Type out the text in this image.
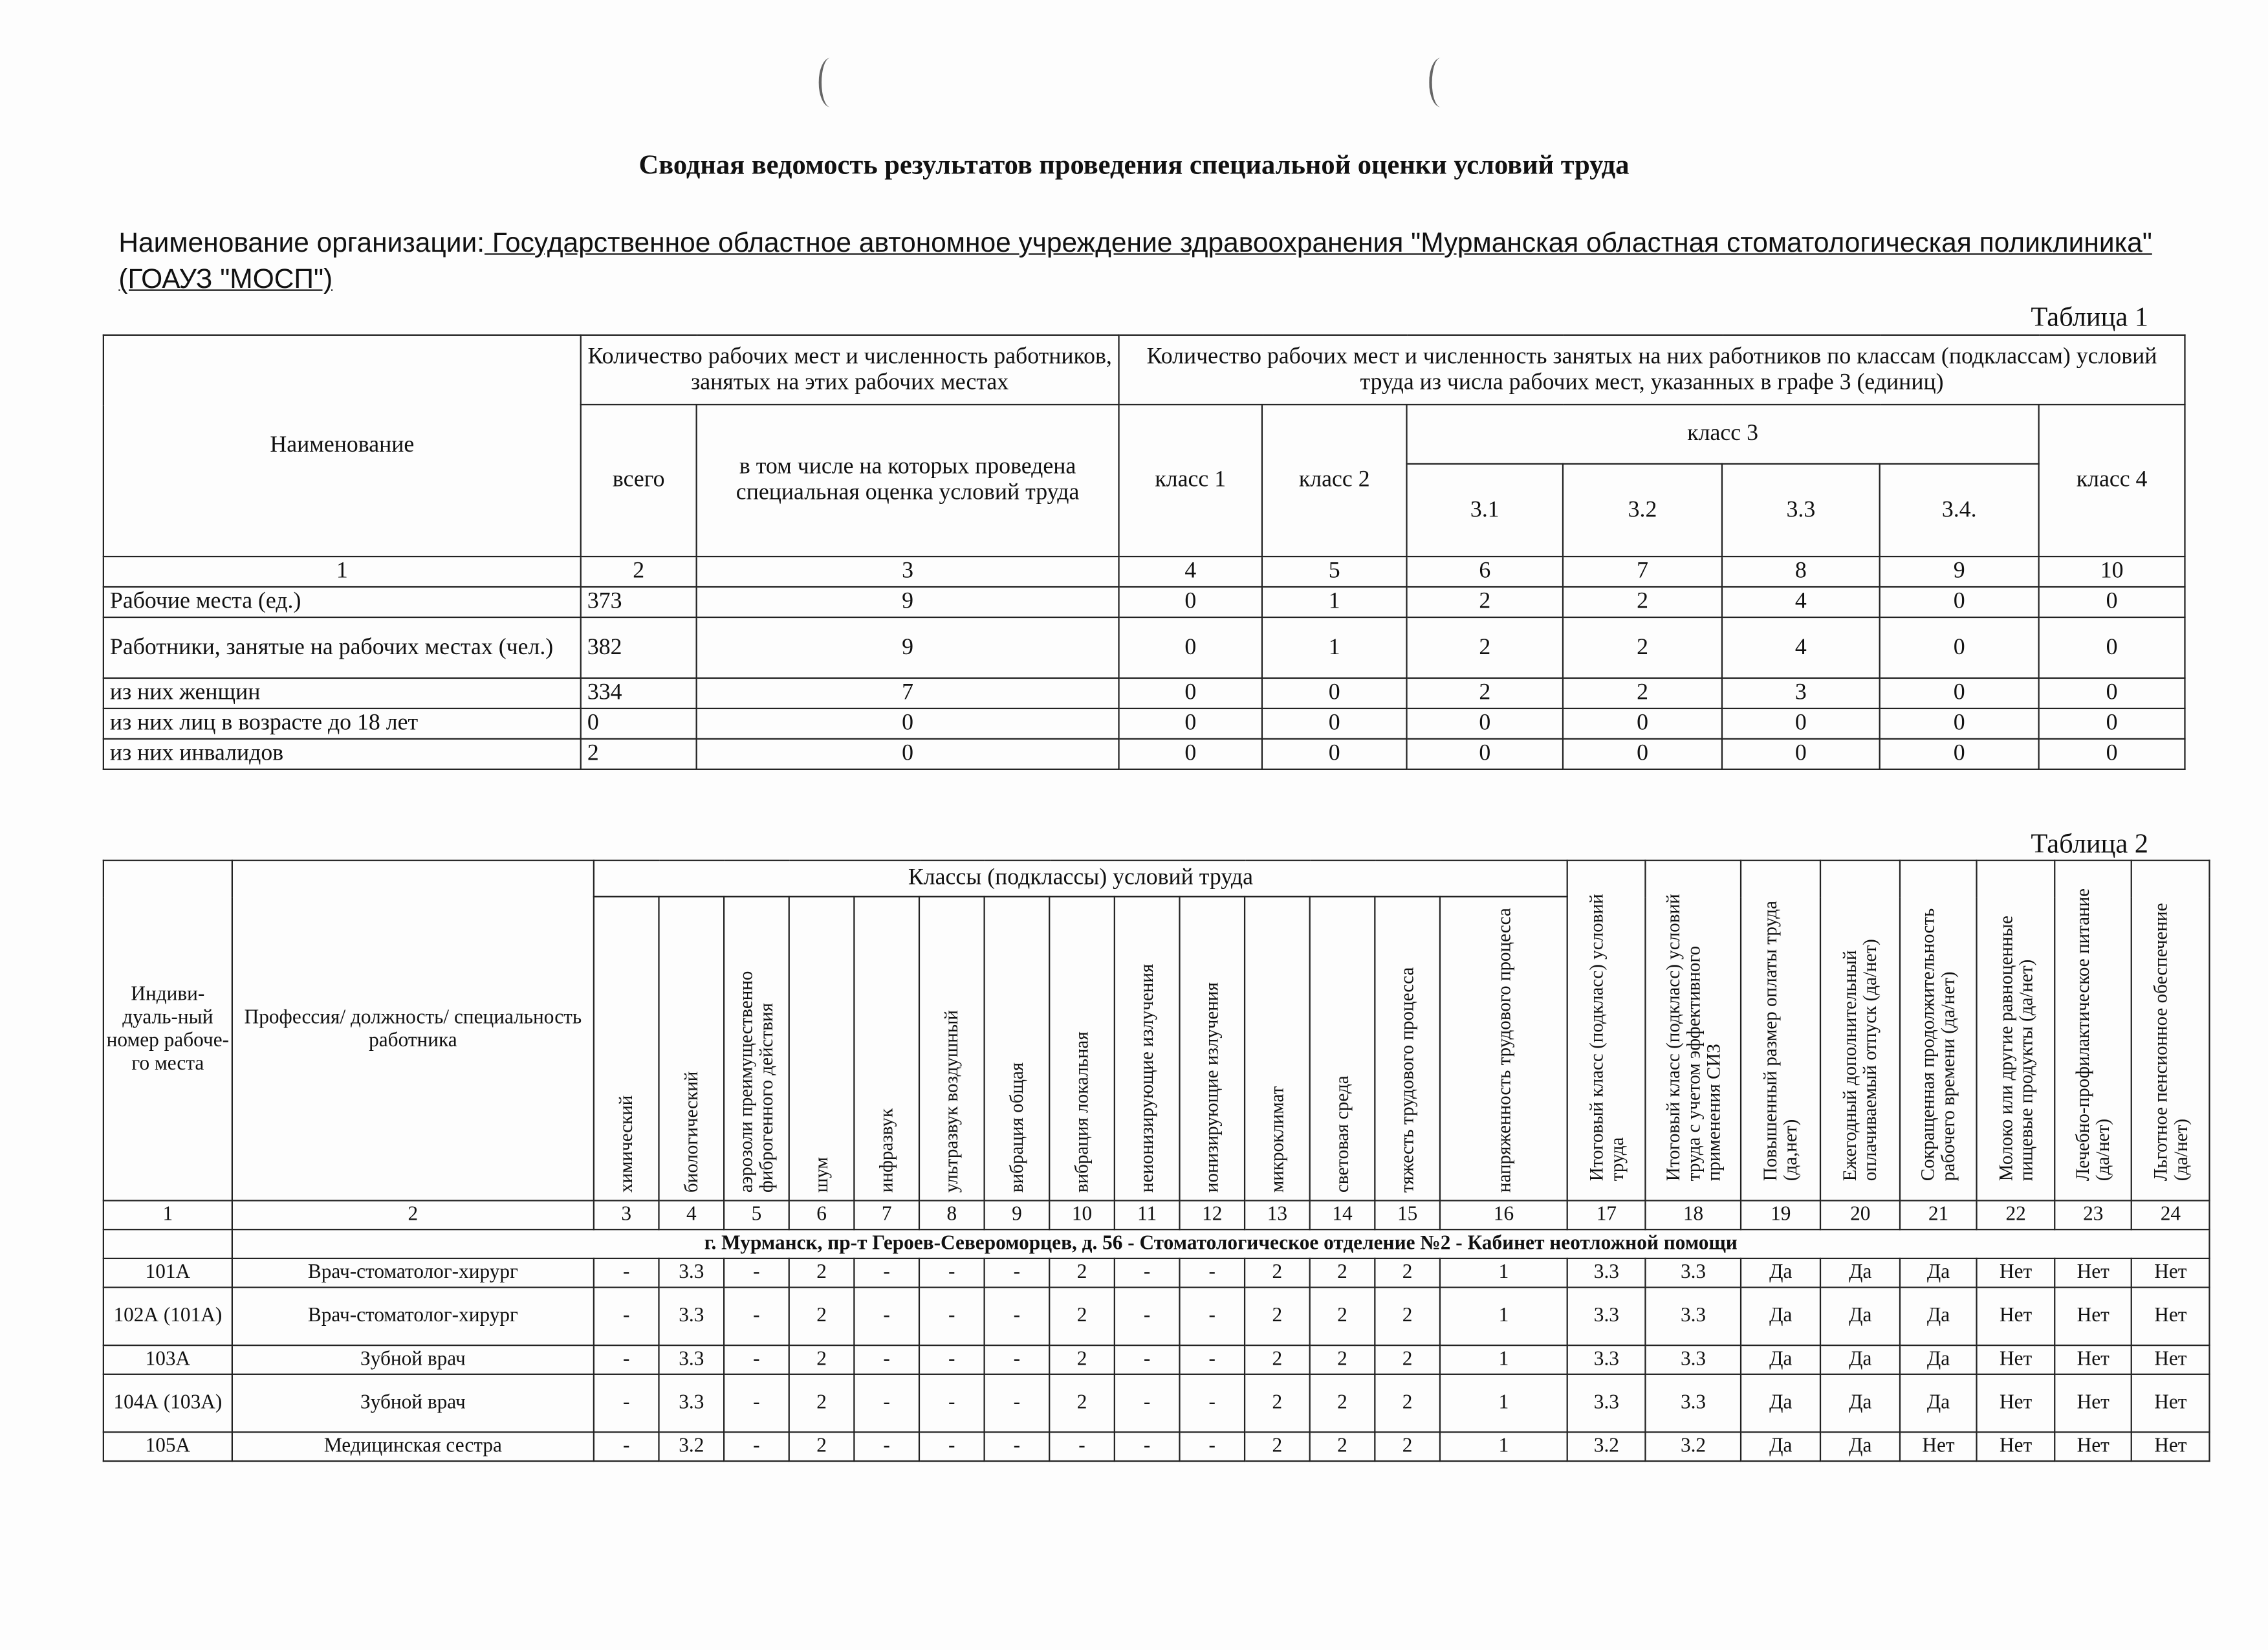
Сводная ведомость результатов проведения специальной оценки условий труда
Наименование организации: Государственное областное автономное учреждение здравоохранения "Мурманская областная стоматологическая поликлиника" (ГОАУЗ "МОСП")
Таблица 1
Наименование	Количество рабочих мест и численность работников, занятых на этих рабочих местах		Количество рабочих мест и численность занятых на них работников по классам (подклассам) условий труда из числа рабочих мест, указанных в графе 3 (единиц)						
	всего	в том числе на которых проведена специальная оценка условий труда	класс 1	класс 2	класс 3				класс 4
					3.1	3.2	3.3	3.4.	
1	2	3	4	5	6	7	8	9	10
Рабочие места (ед.)	373	9	0	1	2	2	4	0	0
Работники, занятые на рабочих местах (чел.)	382	9	0	1	2	2	4	0	0
из них женщин	334	7	0	0	2	2	3	0	0
из них лиц в возрасте до 18 лет	0	0	0	0	0	0	0	0	0
из них инвалидов	2	0	0	0	0	0	0	0	0
Таблица 2
Индиви-дуаль-ный номер рабоче-го места	Профессия/ должность/ специальность работника	Классы (подклассы) условий труда														Итоговый класс (подкласс) условий труда	Итоговый класс (подкласс) условий труда с учетом эффективного применения СИЗ	Повышенный размер оплаты труда (да,нет)	Ежегодный дополнительный оплачиваемый отпуск (да/нет)	Сокращенная продолжительность рабочего времени (да/нет)	Молоко или другие равноценные пищевые продукты (да/нет)	Лечебно-профилактическое питание (да/нет)	Льготное пенсионное обеспечение (да/нет)
		химический	биологический	аэрозоли преимущественно фиброгенного действия	шум	инфразвук	ультразвук воздушный	вибрация общая	вибрация локальная	неионизирующие излучения	ионизирующие излучения	микроклимат	световая среда	тяжесть трудового процесса	напряженность трудового процесса								
1	2	3	4	5	6	7	8	9	10	11	12	13	14	15	16	17	18	19	20	21	22	23	24
	г. Мурманск, пр-т Героев-Североморцев, д. 56 - Стоматологическое отделение №2 - Кабинет неотложной помощи																						
101А	Врач-стоматолог-хирург	-	3.3	-	2	-	-	-	2	-	-	2	2	2	1	3.3	3.3	Да	Да	Да	Нет	Нет	Нет
102А (101А)	Врач-стоматолог-хирург	-	3.3	-	2	-	-	-	2	-	-	2	2	2	1	3.3	3.3	Да	Да	Да	Нет	Нет	Нет
103А	Зубной врач	-	3.3	-	2	-	-	-	2	-	-	2	2	2	1	3.3	3.3	Да	Да	Да	Нет	Нет	Нет
104А (103А)	Зубной врач	-	3.3	-	2	-	-	-	2	-	-	2	2	2	1	3.3	3.3	Да	Да	Да	Нет	Нет	Нет
105А	Медицинская сестра	-	3.2	-	2	-	-	-	-	-	-	2	2	2	1	3.2	3.2	Да	Да	Нет	Нет	Нет	Нет
